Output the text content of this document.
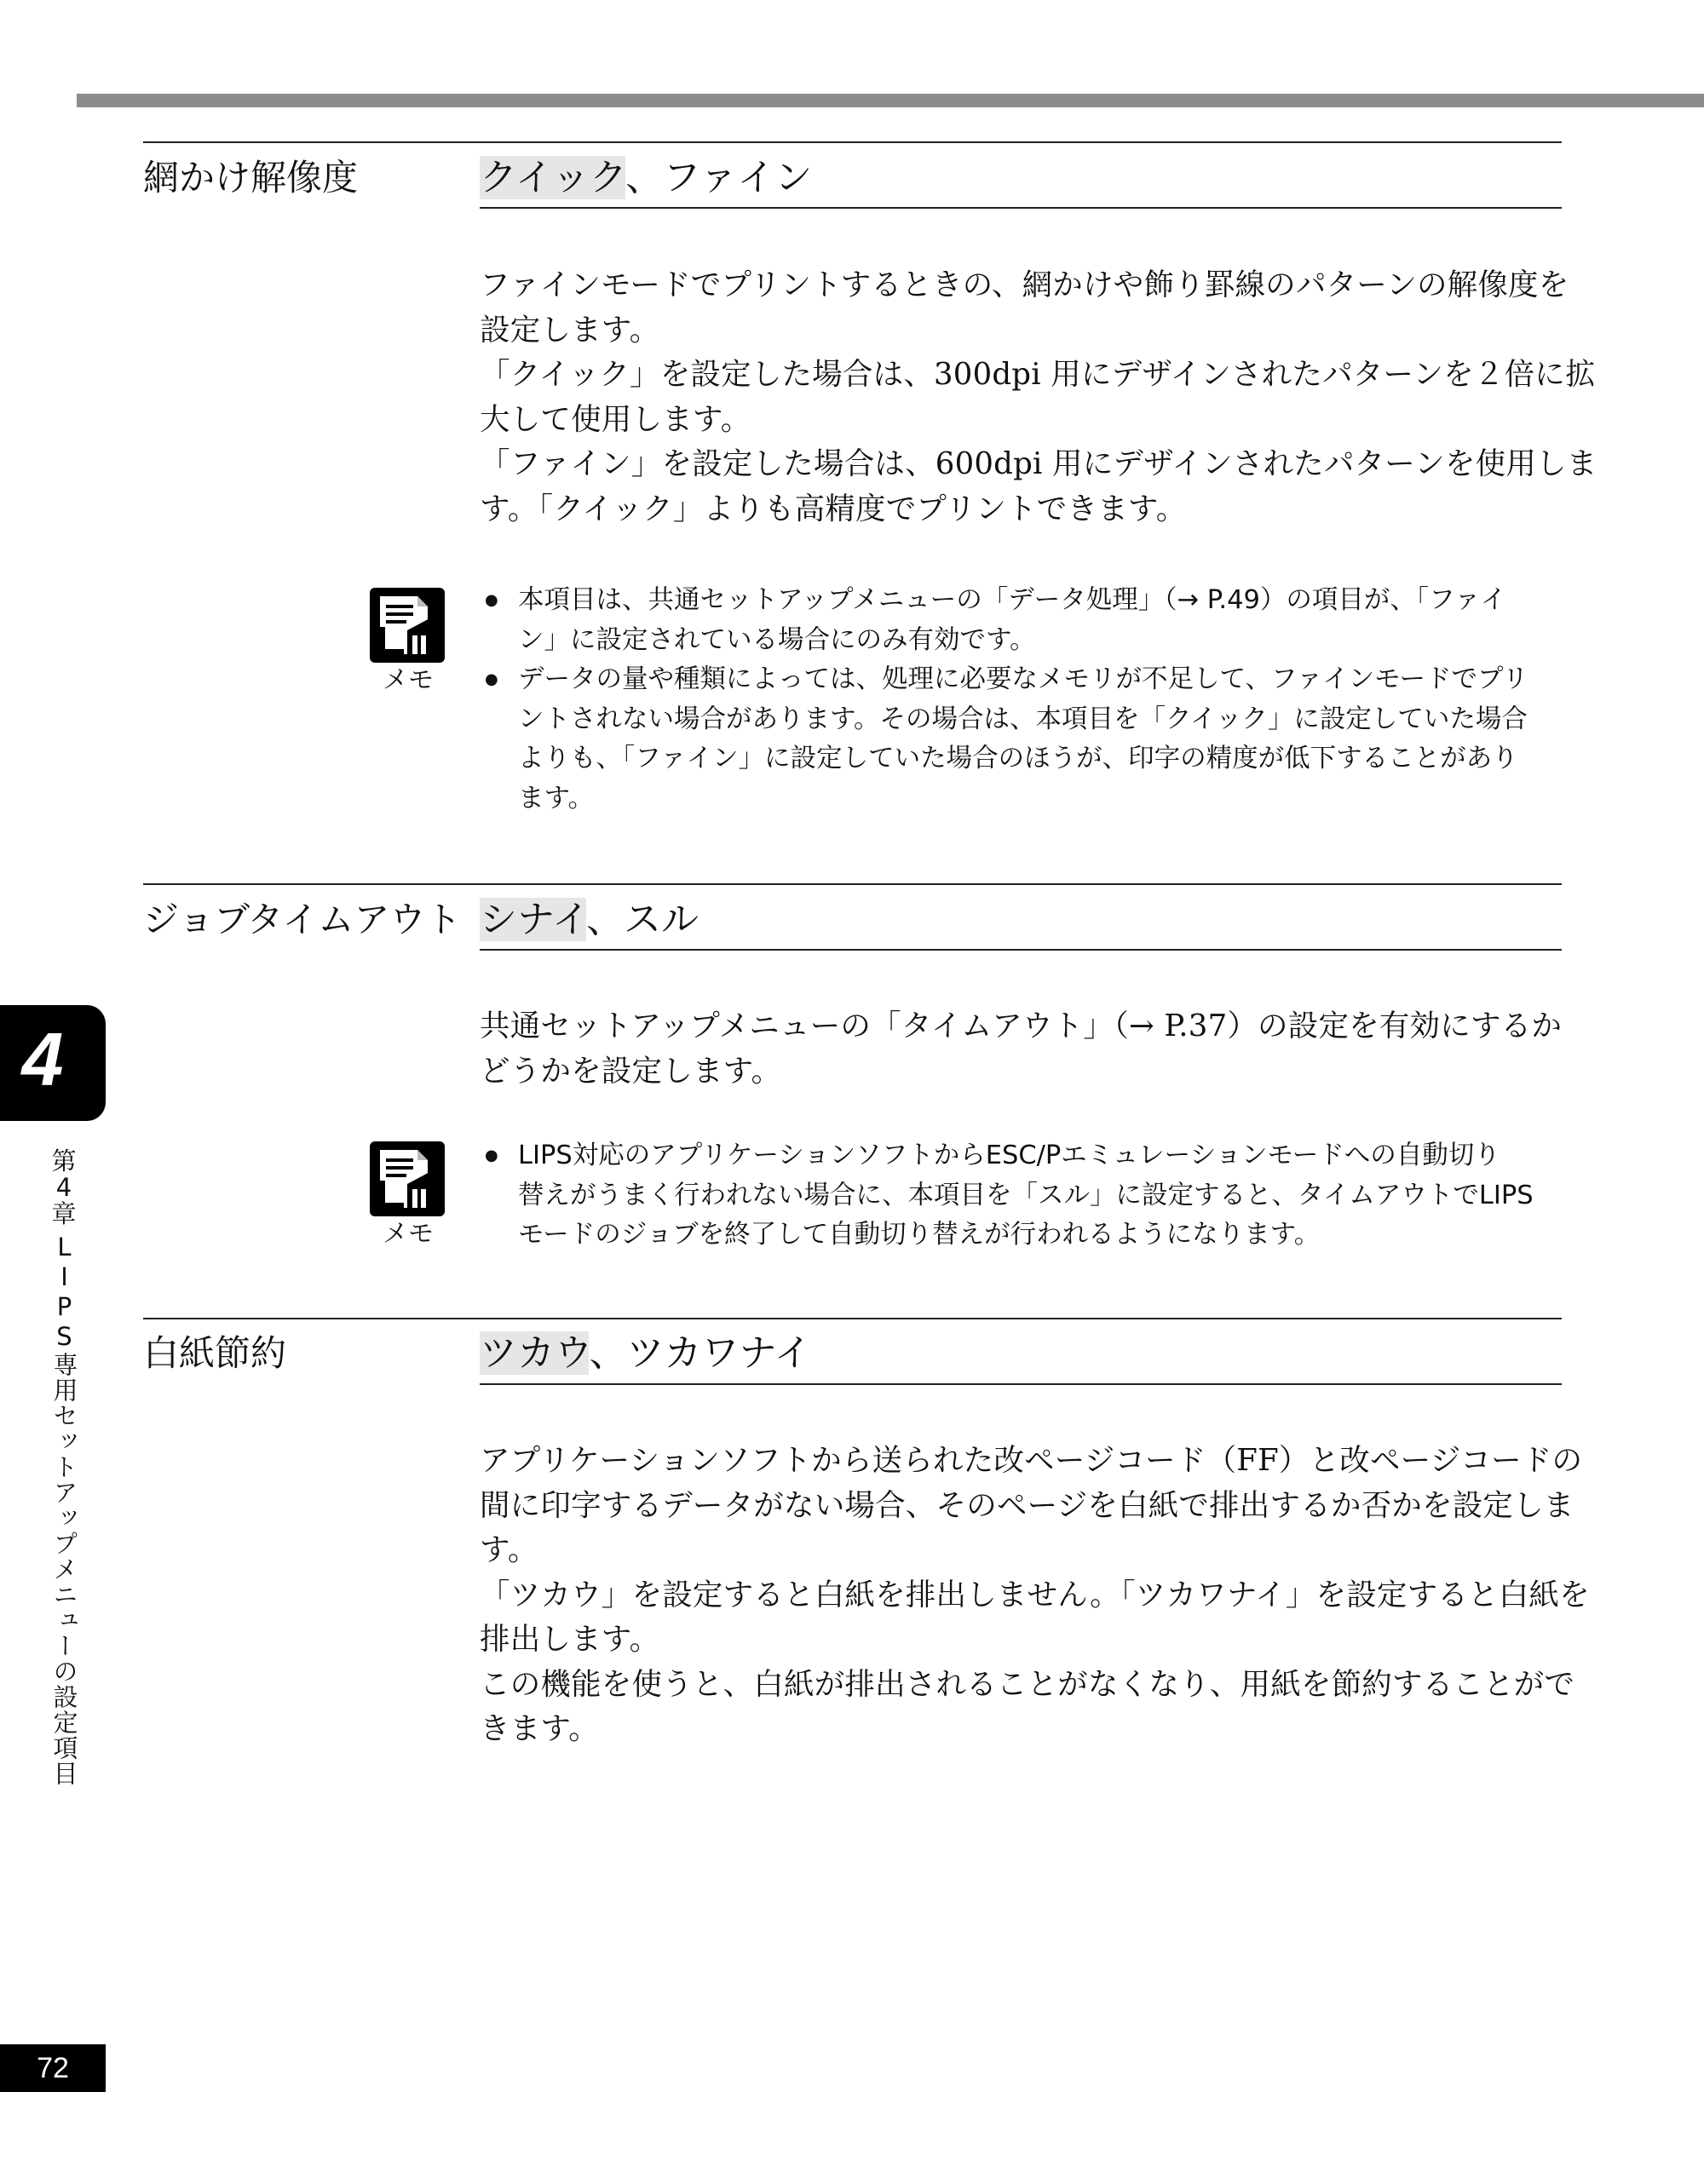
網かけ解像度	クイック、ファイン

ファインモードでプリントするときの、網かけや飾り罫線のパターンの解像度を

設定します。

「クイック」を設定した場合は、300dpi 用にデザインされたパターンを２倍に拡

大して使用します。

「ファイン」を設定した場合は、600dpi 用にデザインされたパターンを使用しま

す。「クイック」よりも高精度でプリントできます。

メモ
● 本項目は、共通セットアップメニューの「データ処理」（→ P.49）の項目が、「ファイ
ン」に設定されている場合にのみ有効です。
● データの量や種類によっては、処理に必要なメモリが不足して、ファインモードでプリ
ントされない場合があります。その場合は、本項目を「クイック」に設定していた場合
よりも、「ファイン」に設定していた場合のほうが、印字の精度が低下することがあり
ます。
ジョブタイムアウト シナイ、スル

共通セットアップメニューの「タイムアウト」（→ P.37）の設定を有効にするか

どうかを設定します。

メモ
● LIPS対応のアプリケーションソフトからESC/Pエミュレーションモードへの自動切り
替えがうまく行われない場合に、本項目を「スル」に設定すると、タイムアウトでLIPS
モードのジョブを終了して自動切り替えが行われるようになります。
白紙節約	ツカウ、ツカワナイ

アプリケーションソフトから送られた改ページコード（FF）と改ページコードの

間に印字するデータがない場合、そのページを白紙で排出するか否かを設定しま

す。

「ツカウ」を設定すると白紙を排出しません。「ツカワナイ」を設定すると白紙を

排出します。

この機能を使うと、白紙が排出されることがなくなり、用紙を節約することがで

きます。

4
第
4
章
LIPS専用セットアップメニューの設定項目
72
